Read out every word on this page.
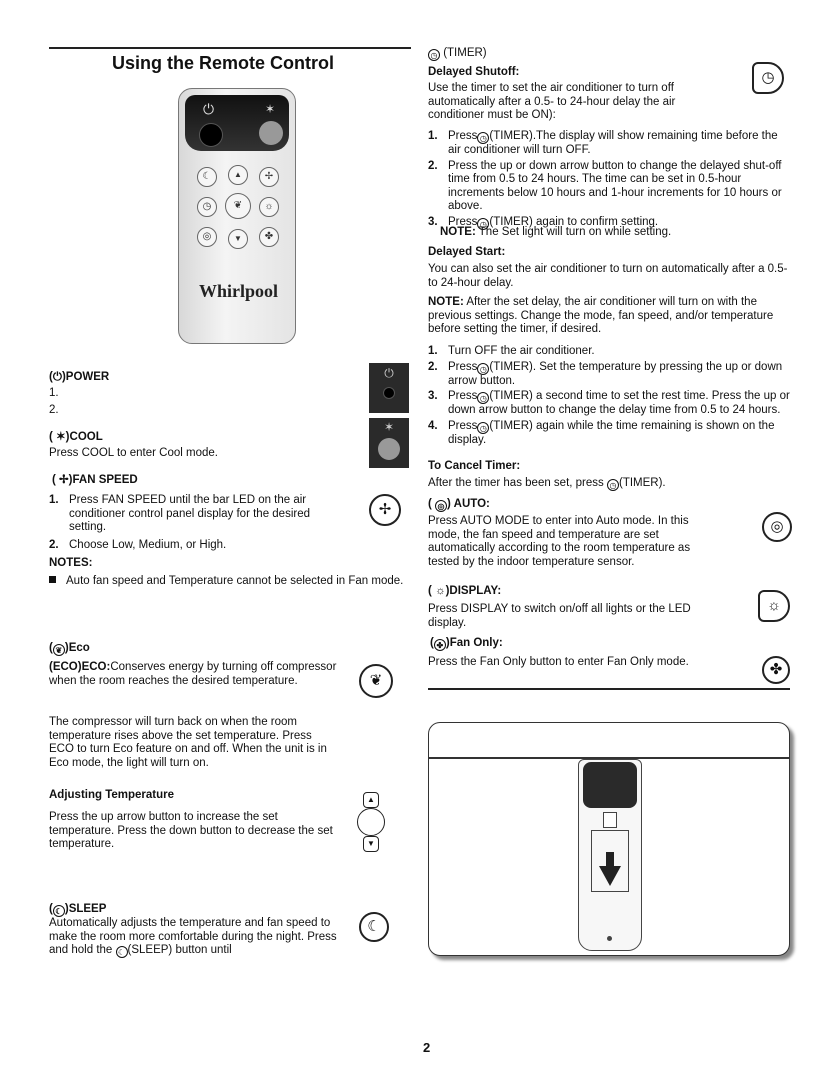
Using the Remote Control
⏻	✶
☾	✢
▲
◷	❦	☼
◎	▼	✤
Whirlpool
(⏻)POWER
1.
2.
⏻
( ✶)COOL
Press COOL to enter Cool mode.
✶
( ✢)FAN SPEED
1. Press FAN SPEED until the bar LED on the air conditioner control panel display for the desired setting.
2. Choose Low, Medium, or High.
✢
NOTES:
Auto fan speed and Temperature cannot be selected in Fan mode.
( ❦ )Eco
(ECO)ECO:Conserves energy by turning off compressor when the room reaches the desired temperature.	❦
The compressor will turn back on when the room temperature rises above the set temperature. Press ECO to turn Eco feature on and off. When the unit is in Eco mode, the light will turn on.
Adjusting Temperature
Press the up arrow button to increase the set temperature. Press the down button to decrease the set temperature.
▲
▼
( ☾ )SLEEP
Automatically adjusts the temperature and fan speed to make the room more comfortable during the night. Press and hold the ☾ (SLEEP) button until
☾
◷ (TIMER)
Delayed Shutoff:
Use the timer to set the air conditioner to turn off automatically after a 0.5- to 24-hour delay the air conditioner must be ON):
◷
1. Press ◷ (TIMER).The display will show remaining time before the air conditioner will turn OFF.
2. Press the up or down arrow button to change the delayed shut-off time from 0.5 to 24 hours. The time can be set in 0.5-hour increments below 10 hours and 1-hour increments for 10 hours or above.
3. Press ◷ (TIMER) again to confirm setting.
NOTE: The Set light will turn on while setting.
Delayed Start:
You can also set the air conditioner to turn on automatically after a 0.5- to 24-hour delay.
NOTE: After the set delay, the air conditioner will turn on with the previous settings. Change the mode, fan speed, and/or temperature before setting the timer, if desired.
1. Turn OFF the air conditioner.
2. Press ◷ (TIMER). Set the temperature by pressing the up or down arrow button.
3. Press ◷ (TIMER) a second time to set the rest time. Press the up or down arrow button to change the delay time from 0.5 to 24 hours.
4. Press ◷ (TIMER) again while the time remaining is shown on the display.
To Cancel Timer:
After the timer has been set, press ◷ (TIMER).
( ◎ ) AUTO:
Press AUTO MODE to enter into Auto mode. In this mode, the fan speed and temperature are set automatically according to the room temperature as tested by the indoor temperature sensor.
◎
( ☼)DISPLAY:
Press DISPLAY to switch on/off all lights or the LED display.
☼
( ✤ )Fan Only:
Press the Fan Only button to enter Fan Only mode.	✤
2
